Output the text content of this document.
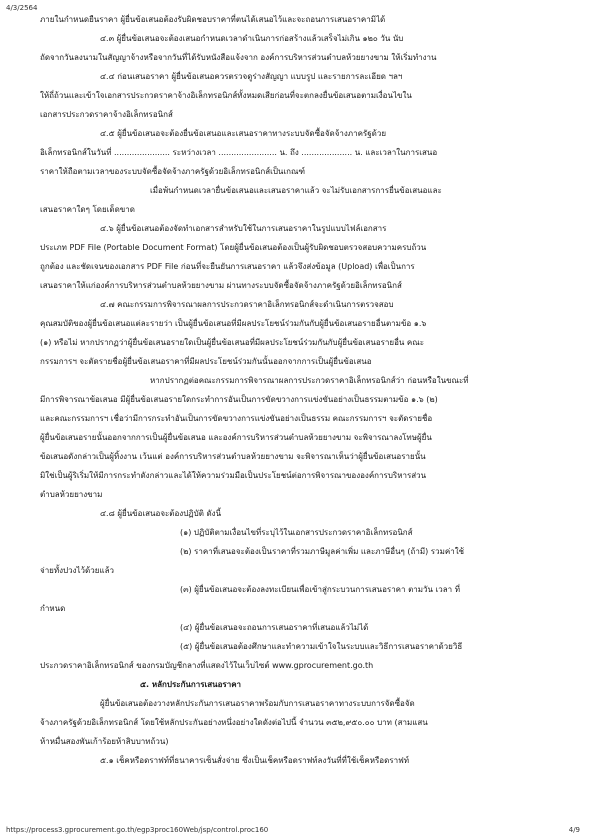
4/3/2564

ภายในกำหนดยืนราคา ผู้ยื่นข้อเสนอต้องรับผิดชอบราคาที่ตนได้เสนอไว้และจะถอนการเสนอราคามิได้

๔.๓ ผู้ยื่นข้อเสนอจะต้องเสนอกำหนดเวลาดำเนินการก่อสร้างแล้วเสร็จไม่เกิน ๑๒๐ วัน นับ

ถัดจากวันลงนามในสัญญาจ้างหรือจากวันที่ได้รับหนังสือแจ้งจาก องค์การบริหารส่วนตำบลห้วยยางขาม ให้เริ่มทำงาน

๔.๔ ก่อนเสนอราคา ผู้ยื่นข้อเสนอควรตรวจดูร่างสัญญา แบบรูป และรายการละเอียด ฯลฯ

ให้ถี่ถ้วนและเข้าใจเอกสารประกวดราคาจ้างอิเล็กทรอนิกส์ทั้งหมดเสียก่อนที่จะตกลงยื่นข้อเสนอตามเงื่อนไขใน

เอกสารประกวดราคาจ้างอิเล็กทรอนิกส์

๔.๕ ผู้ยื่นข้อเสนอจะต้องยื่นข้อเสนอและเสนอราคาทางระบบจัดซื้อจัดจ้างภาครัฐด้วย

อิเล็กทรอนิกส์ในวันที่ ...................... ระหว่างเวลา ....................... น. ถึง .................... น. และเวลาในการเสนอ

ราคาให้ถือตามเวลาของระบบจัดซื้อจัดจ้างภาครัฐด้วยอิเล็กทรอนิกส์เป็นเกณฑ์

เมื่อพ้นกำหนดเวลายื่นข้อเสนอและเสนอราคาแล้ว จะไม่รับเอกสารการยื่นข้อเสนอและ

เสนอราคาใดๆ โดยเด็ดขาด

๔.๖ ผู้ยื่นข้อเสนอต้องจัดทำเอกสารสำหรับใช้ในการเสนอราคาในรูปแบบไฟล์เอกสาร

ประเภท PDF File (Portable Document Format) โดยผู้ยื่นข้อเสนอต้องเป็นผู้รับผิดชอบตรวจสอบความครบถ้วน

ถูกต้อง และชัดเจนของเอกสาร PDF File ก่อนที่จะยืนยันการเสนอราคา แล้วจึงส่งข้อมูล (Upload) เพื่อเป็นการ

เสนอราคาให้แก่องค์การบริหารส่วนตำบลห้วยยางขาม ผ่านทางระบบจัดซื้อจัดจ้างภาครัฐด้วยอิเล็กทรอนิกส์

๔.๗ คณะกรรมการพิจารณาผลการประกวดราคาอิเล็กทรอนิกส์จะดำเนินการตรวจสอบ

คุณสมบัติของผู้ยื่นข้อเสนอแต่ละรายว่า เป็นผู้ยื่นข้อเสนอที่มีผลประโยชน์ร่วมกันกับผู้ยื่นข้อเสนอรายอื่นตามข้อ ๑.๖

(๑) หรือไม่ หากปรากฏว่าผู้ยื่นข้อเสนอรายใดเป็นผู้ยื่นข้อเสนอที่มีผลประโยชน์ร่วมกันกับผู้ยื่นข้อเสนอรายอื่น คณะ

กรรมการฯ จะตัดรายชื่อผู้ยื่นข้อเสนอราคาที่มีผลประโยชน์ร่วมกันนั้นออกจากการเป็นผู้ยื่นข้อเสนอ

หากปรากฏต่อคณะกรรมการพิจารณาผลการประกวดราคาอิเล็กทรอนิกส์ว่า ก่อนหรือในขณะที่

มีการพิจารณาข้อเสนอ มีผู้ยื่นข้อเสนอรายใดกระทำการอันเป็นการขัดขวางการแข่งขันอย่างเป็นธรรมตามข้อ ๑.๖ (๒)

และคณะกรรมการฯ เชื่อว่ามีการกระทำอันเป็นการขัดขวางการแข่งขันอย่างเป็นธรรม คณะกรรมการฯ จะตัดรายชื่อ

ผู้ยื่นข้อเสนอรายนั้นออกจากการเป็นผู้ยื่นข้อเสนอ และองค์การบริหารส่วนตำบลห้วยยางขาม จะพิจารณาลงโทษผู้ยื่น

ข้อเสนอดังกล่าวเป็นผู้ทิ้งงาน เว้นแต่ องค์การบริหารส่วนตำบลห้วยยางขาม จะพิจารณาเห็นว่าผู้ยื่นข้อเสนอรายนั้น

มิใช่เป็นผู้ริเริ่มให้มีการกระทำดังกล่าวและได้ให้ความร่วมมือเป็นประโยชน์ต่อการพิจารณาขององค์การบริหารส่วน

ตำบลห้วยยางขาม

๔.๘ ผู้ยื่นข้อเสนอจะต้องปฏิบัติ ดังนี้

(๑) ปฏิบัติตามเงื่อนไขที่ระบุไว้ในเอกสารประกวดราคาอิเล็กทรอนิกส์

(๒) ราคาที่เสนอจะต้องเป็นราคาที่รวมภาษีมูลค่าเพิ่ม และภาษีอื่นๆ (ถ้ามี) รวมค่าใช้

จ่ายทั้งปวงไว้ด้วยแล้ว

(๓) ผู้ยื่นข้อเสนอจะต้องลงทะเบียนเพื่อเข้าสู่กระบวนการเสนอราคา ตามวัน เวลา ที่

กำหนด

(๔) ผู้ยื่นข้อเสนอจะถอนการเสนอราคาที่เสนอแล้วไม่ได้

(๕) ผู้ยื่นข้อเสนอต้องศึกษาและทำความเข้าใจในระบบและวิธีการเสนอราคาด้วยวิธี

ประกวดราคาอิเล็กทรอนิกส์ ของกรมบัญชีกลางที่แสดงไว้ในเว็บไซต์ www.gprocurement.go.th

๕. หลักประกันการเสนอราคา

ผู้ยื่นข้อเสนอต้องวางหลักประกันการเสนอราคาพร้อมกับการเสนอราคาทางระบบการจัดซื้อจัด

จ้างภาครัฐด้วยอิเล็กทรอนิกส์ โดยใช้หลักประกันอย่างหนึ่งอย่างใดดังต่อไปนี้ จำนวน ๓๕๒,๙๕๐.๐๐ บาท (สามแสน

ห้าหมื่นสองพันเก้าร้อยห้าสิบบาทถ้วน)

๕.๑ เช็คหรือดราฟท์ที่ธนาคารเซ็นสั่งจ่าย ซึ่งเป็นเช็คหรือดราฟท์ลงวันที่ที่ใช้เช็คหรือดราฟท์

https://process3.gprocurement.go.th/egp3proc160Web/jsp/control.proc160	4/9
